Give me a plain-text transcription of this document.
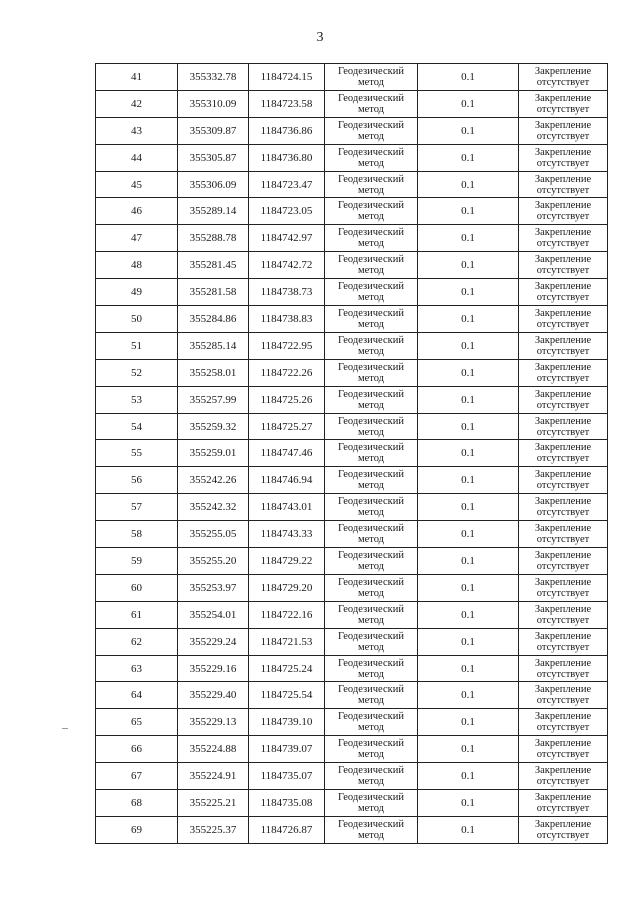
3
41	355332.78	1184724.15	Геодезический
метод	0.1	Закрепление
отсутствует

42	355310.09	1184723.58	Геодезический
метод	0.1	Закрепление
отсутствует

43	355309.87	1184736.86	Геодезический
метод	0.1	Закрепление
отсутствует

44	355305.87	1184736.80	Геодезический
метод	0.1	Закрепление
отсутствует

45	355306.09	1184723.47	Геодезический
метод	0.1	Закрепление
отсутствует

46	355289.14	1184723.05	Геодезический
метод	0.1	Закрепление
отсутствует

47	355288.78	1184742.97	Геодезический
метод	0.1	Закрепление
отсутствует

48	355281.45	1184742.72	Геодезический
метод	0.1	Закрепление
отсутствует

49	355281.58	1184738.73	Геодезический
метод	0.1	Закрепление
отсутствует

50	355284.86	1184738.83	Геодезический
метод	0.1	Закрепление
отсутствует

51	355285.14	1184722.95	Геодезический
метод	0.1	Закрепление
отсутствует

52	355258.01	1184722.26	Геодезический
метод	0.1	Закрепление
отсутствует

53	355257.99	1184725.26	Геодезический
метод	0.1	Закрепление
отсутствует

54	355259.32	1184725.27	Геодезический
метод	0.1	Закрепление
отсутствует

55	355259.01	1184747.46	Геодезический
метод	0.1	Закрепление
отсутствует

56	355242.26	1184746.94	Геодезический
метод	0.1	Закрепление
отсутствует

57	355242.32	1184743.01	Геодезический
метод	0.1	Закрепление
отсутствует

58	355255.05	1184743.33	Геодезический
метод	0.1	Закрепление
отсутствует

59	355255.20	1184729.22	Геодезический
метод	0.1	Закрепление
отсутствует

60	355253.97	1184729.20	Геодезический
метод	0.1	Закрепление
отсутствует

61	355254.01	1184722.16	Геодезический
метод	0.1	Закрепление
отсутствует

62	355229.24	1184721.53	Геодезический
метод	0.1	Закрепление
отсутствует

63	355229.16	1184725.24	Геодезический
метод	0.1	Закрепление
отсутствует

64	355229.40	1184725.54	Геодезический
метод	0.1	Закрепление
отсутствует

65	355229.13	1184739.10	Геодезический
метод	0.1	Закрепление
отсутствует

66	355224.88	1184739.07	Геодезический
метод	0.1	Закрепление
отсутствует

67	355224.91	1184735.07	Геодезический
метод	0.1	Закрепление
отсутствует

68	355225.21	1184735.08	Геодезический
метод	0.1	Закрепление
отсутствует

69	355225.37	1184726.87	Геодезический
метод	0.1	Закрепление
отсутствует
